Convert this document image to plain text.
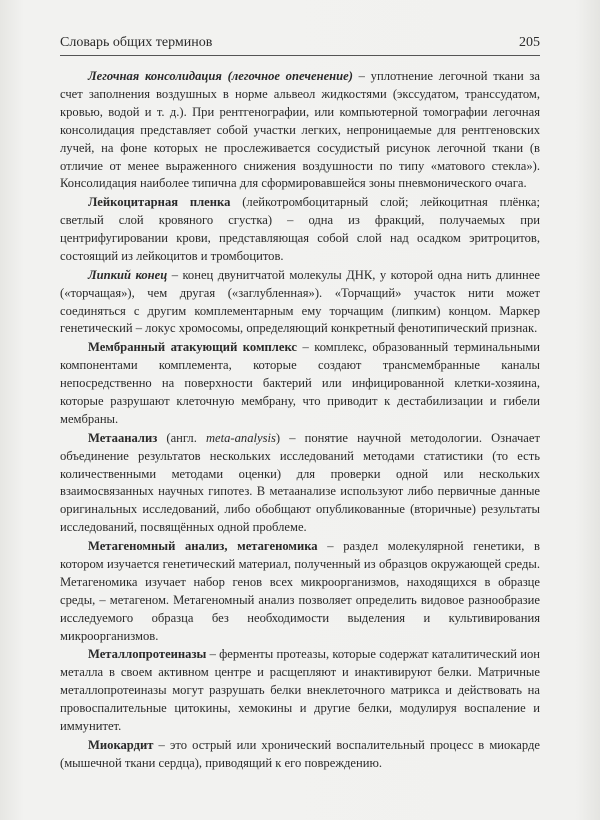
Словарь общих терминов	205

Легочная консолидация (легочное опеченение) – уплотнение легочной ткани за счет заполнения воздушных в норме альвеол жидкостями (экссудатом, транссудатом, кровью, водой и т. д.). При рентгенографии, или компьютерной томографии легочная консолидация представляет собой участки легких, непроницаемые для рентгеновских лучей, на фоне которых не прослеживается сосудистый рисунок легочной ткани (в отличие от менее выраженного снижения воздушности по типу «матового стекла»). Консолидация наиболее типична для сформировавшейся зоны пневмонического очага.

Лейкоцитарная пленка (лейкотромбоцитарный слой; лейкоцитная плёнка; светлый слой кровяного сгустка) – одна из фракций, получаемых при центрифугировании крови, представляющая собой слой над осадком эритроцитов, состоящий из лейкоцитов и тромбоцитов.

Липкий конец – конец двунитчатой молекулы ДНК, у которой одна нить длиннее («торчащая»), чем другая («заглубленная»). «Торчащий» участок нити может соединяться с другим комплементарным ему торчащим (липким) концом. Маркер генетический – локус хромосомы, определяющий конкретный фенотипический признак.

Мембранный атакующий комплекс – комплекс, образованный терминальными компонентами комплемента, которые создают трансмембранные каналы непосредственно на поверхности бактерий или инфицированной клетки-хозяина, которые разрушают клеточную мембрану, что приводит к дестабилизации и гибели мембраны.

Метаанализ (англ. meta-analysis) – понятие научной методологии. Означает объединение результатов нескольких исследований методами статистики (то есть количественными методами оценки) для проверки одной или нескольких взаимосвязанных научных гипотез. В метаанализе используют либо первичные данные оригинальных исследований, либо обобщают опубликованные (вторичные) результаты исследований, посвящённых одной проблеме.

Метагеномный анализ, метагеномика – раздел молекулярной генетики, в котором изучается генетический материал, полученный из образцов окружающей среды. Метагеномика изучает набор генов всех микроорганизмов, находящихся в образце среды, – метагеном. Метагеномный анализ позволяет определить видовое разнообразие исследуемого образца без необходимости выделения и культивирования микроорганизмов.

Металлопротеиназы – ферменты протеазы, которые содержат каталитический ион металла в своем активном центре и расщепляют и инактивируют белки. Матричные металлопротеиназы могут разрушать белки внеклеточного матрикса и действовать на провоспалительные цитокины, хемокины и другие белки, модулируя воспаление и иммунитет.

Миокардит – это острый или хронический воспалительный процесс в миокарде (мышечной ткани сердца), приводящий к его повреждению.
